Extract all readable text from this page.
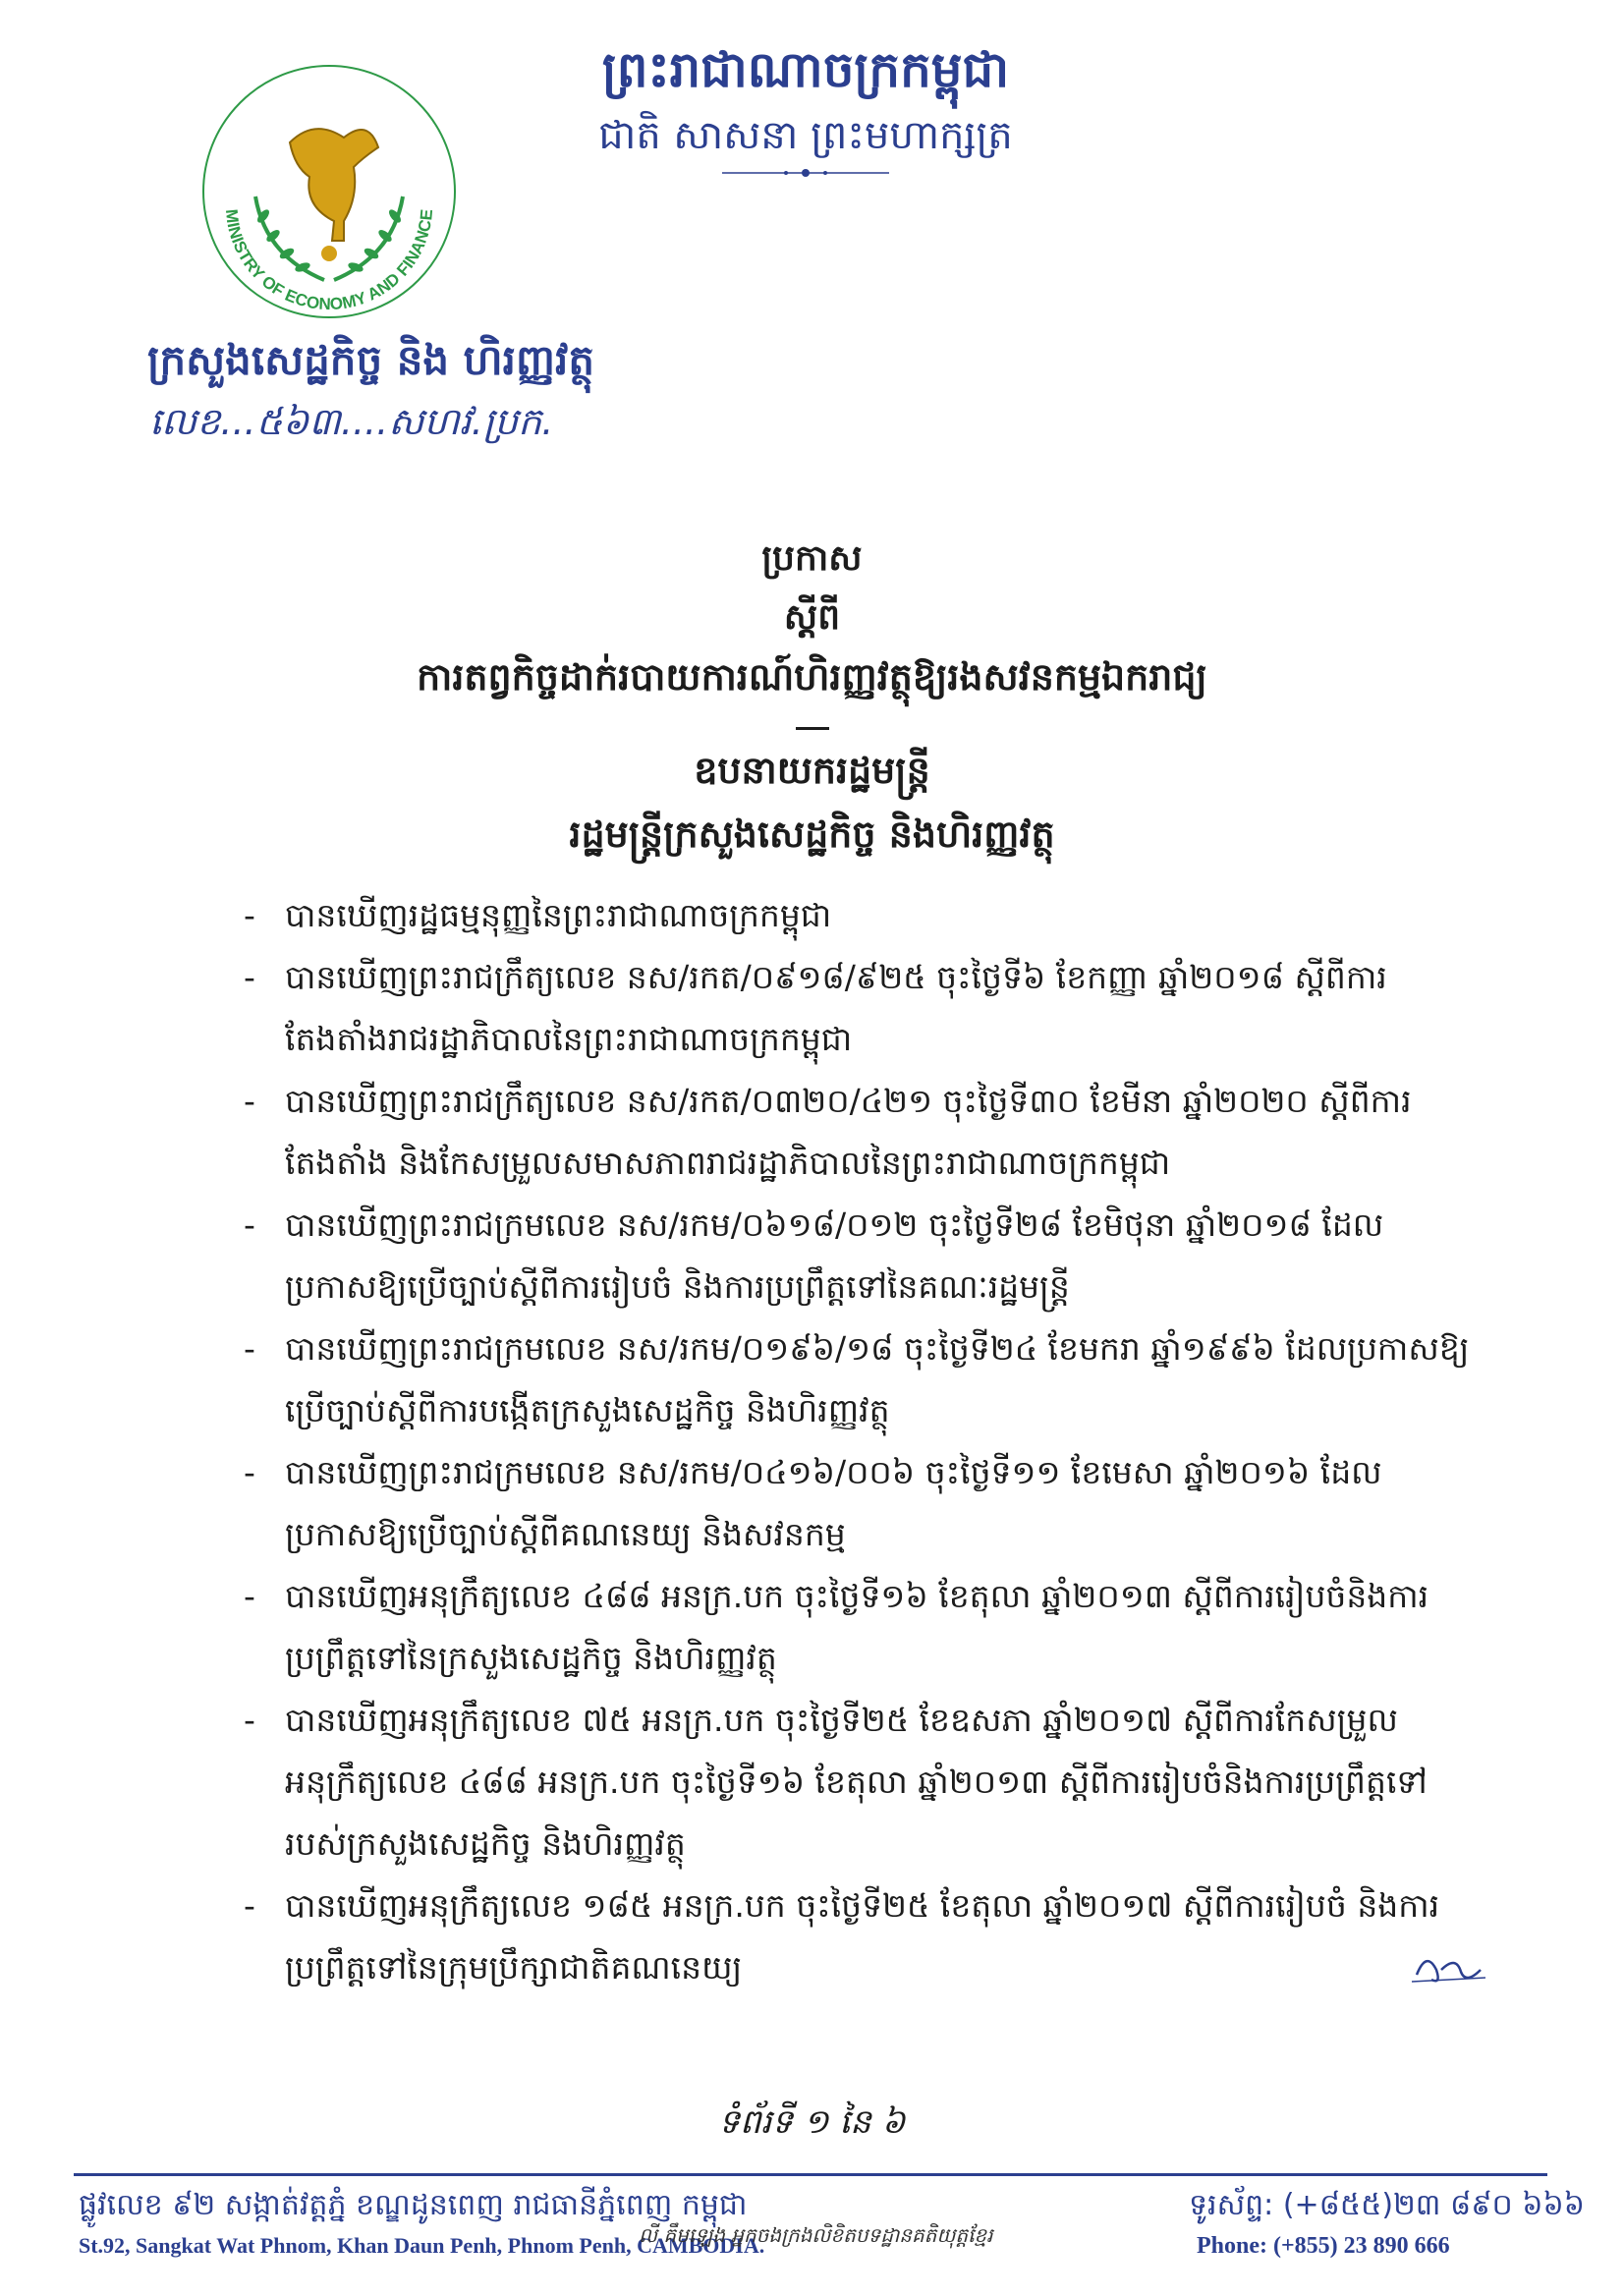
ព្រះរាជាណាចក្រកម្ពុជា
ជាតិ សាសនា ព្រះមហាក្សត្រ
MINISTRY OF ECONOMY AND FINANCE
ក្រសួងសេដ្ឋកិច្ច និង ហិរញ្ញវត្ថុ
លេខ...៥៦៣....សហវ.ប្រក.
ប្រកាស
ស្តីពី
ការតព្វកិច្ចដាក់របាយការណ៍ហិរញ្ញវត្ថុឱ្យរងសវនកម្មឯករាជ្យ
ឧបនាយករដ្ឋមន្ត្រី
រដ្ឋមន្ត្រីក្រសួងសេដ្ឋកិច្ច និងហិរញ្ញវត្ថុ
- បានឃើញរដ្ឋធម្មនុញ្ញនៃព្រះរាជាណាចក្រកម្ពុជា
- បានឃើញព្រះរាជក្រឹត្យលេខ នស/រកត/០៩១៨/៩២៥ ចុះថ្ងៃទី៦ ខែកញ្ញា ឆ្នាំ២០១៨ ស្តីពីការតែងតាំងរាជរដ្ឋាភិបាលនៃព្រះរាជាណាចក្រកម្ពុជា
- បានឃើញព្រះរាជក្រឹត្យលេខ នស/រកត/០៣២០/៤២១ ចុះថ្ងៃទី៣០ ខែមីនា ឆ្នាំ២០២០ ស្តីពីការតែងតាំង និងកែសម្រួលសមាសភាពរាជរដ្ឋាភិបាលនៃព្រះរាជាណាចក្រកម្ពុជា
- បានឃើញព្រះរាជក្រមលេខ នស/រកម/០៦១៨/០១២ ចុះថ្ងៃទី២៨ ខែមិថុនា ឆ្នាំ២០១៨ ដែលប្រកាសឱ្យប្រើច្បាប់ស្តីពីការរៀបចំ និងការប្រព្រឹត្តទៅនៃគណៈរដ្ឋមន្ត្រី
- បានឃើញព្រះរាជក្រមលេខ នស/រកម/០១៩៦/១៨ ចុះថ្ងៃទី២៤ ខែមករា ឆ្នាំ១៩៩៦ ដែលប្រកាសឱ្យប្រើច្បាប់ស្តីពីការបង្កើតក្រសួងសេដ្ឋកិច្ច និងហិរញ្ញវត្ថុ
- បានឃើញព្រះរាជក្រមលេខ នស/រកម/០៤១៦/០០៦ ចុះថ្ងៃទី១១ ខែមេសា ឆ្នាំ២០១៦ ដែលប្រកាសឱ្យប្រើច្បាប់ស្តីពីគណនេយ្យ និងសវនកម្ម
- បានឃើញអនុក្រឹត្យលេខ ៤៨៨ អនក្រ.បក ចុះថ្ងៃទី១៦ ខែតុលា ឆ្នាំ២០១៣ ស្តីពីការរៀបចំនិងការប្រព្រឹត្តទៅនៃក្រសួងសេដ្ឋកិច្ច និងហិរញ្ញវត្ថុ
- បានឃើញអនុក្រឹត្យលេខ ៧៥ អនក្រ.បក ចុះថ្ងៃទី២៥ ខែឧសភា ឆ្នាំ២០១៧ ស្តីពីការកែសម្រួលអនុក្រឹត្យលេខ ៤៨៨ អនក្រ.បក ចុះថ្ងៃទី១៦ ខែតុលា ឆ្នាំ២០១៣ ស្តីពីការរៀបចំនិងការប្រព្រឹត្តទៅរបស់ក្រសួងសេដ្ឋកិច្ច និងហិរញ្ញវត្ថុ
- បានឃើញអនុក្រឹត្យលេខ ១៨៥ អនក្រ.បក ចុះថ្ងៃទី២៥ ខែតុលា ឆ្នាំ២០១៧ ស្តីពីការរៀបចំ និងការប្រព្រឹត្តទៅនៃក្រុមប្រឹក្សាជាតិគណនេយ្យ
ទំព័រទី ១ នៃ ៦
ផ្លូវលេខ ៩២ សង្កាត់វត្តភ្នំ ខណ្ឌដូនពេញ រាជធានីភ្នំពេញ កម្ពុជា
St.92, Sangkat Wat Phnom, Khan Daun Penh, Phnom Penh, CAMBODIA.
លី គឹមឡេង អ្នកចងក្រងលិខិតបទដ្ឋានគតិយុត្តខ្មែរ
ទូរស័ព្ទ: (+៨៥៥)២៣ ៨៩០ ៦៦៦
Phone: (+855) 23 890 666
